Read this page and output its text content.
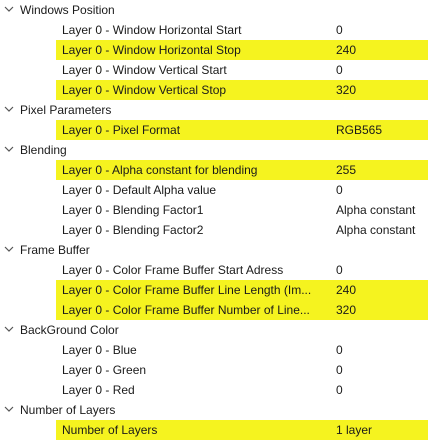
Windows Position
Layer 0 - Window Horizontal Start	0
Layer 0 - Window Horizontal Stop	240
Layer 0 - Window Vertical Start	0
Layer 0 - Window Vertical Stop	320
Pixel Parameters
Layer 0 - Pixel Format	RGB565
Blending
Layer 0 - Alpha constant for blending	255
Layer 0 - Default Alpha value	0
Layer 0 - Blending Factor1	Alpha constant
Layer 0 - Blending Factor2	Alpha constant
Frame Buffer
Layer 0 - Color Frame Buffer Start Adress	0
Layer 0 - Color Frame Buffer Line Length (Im...	240
Layer 0 - Color Frame Buffer Number of Line...	320
BackGround Color
Layer 0 - Blue	0
Layer 0 - Green	0
Layer 0 - Red	0
Number of Layers
Number of Layers	1 layer
